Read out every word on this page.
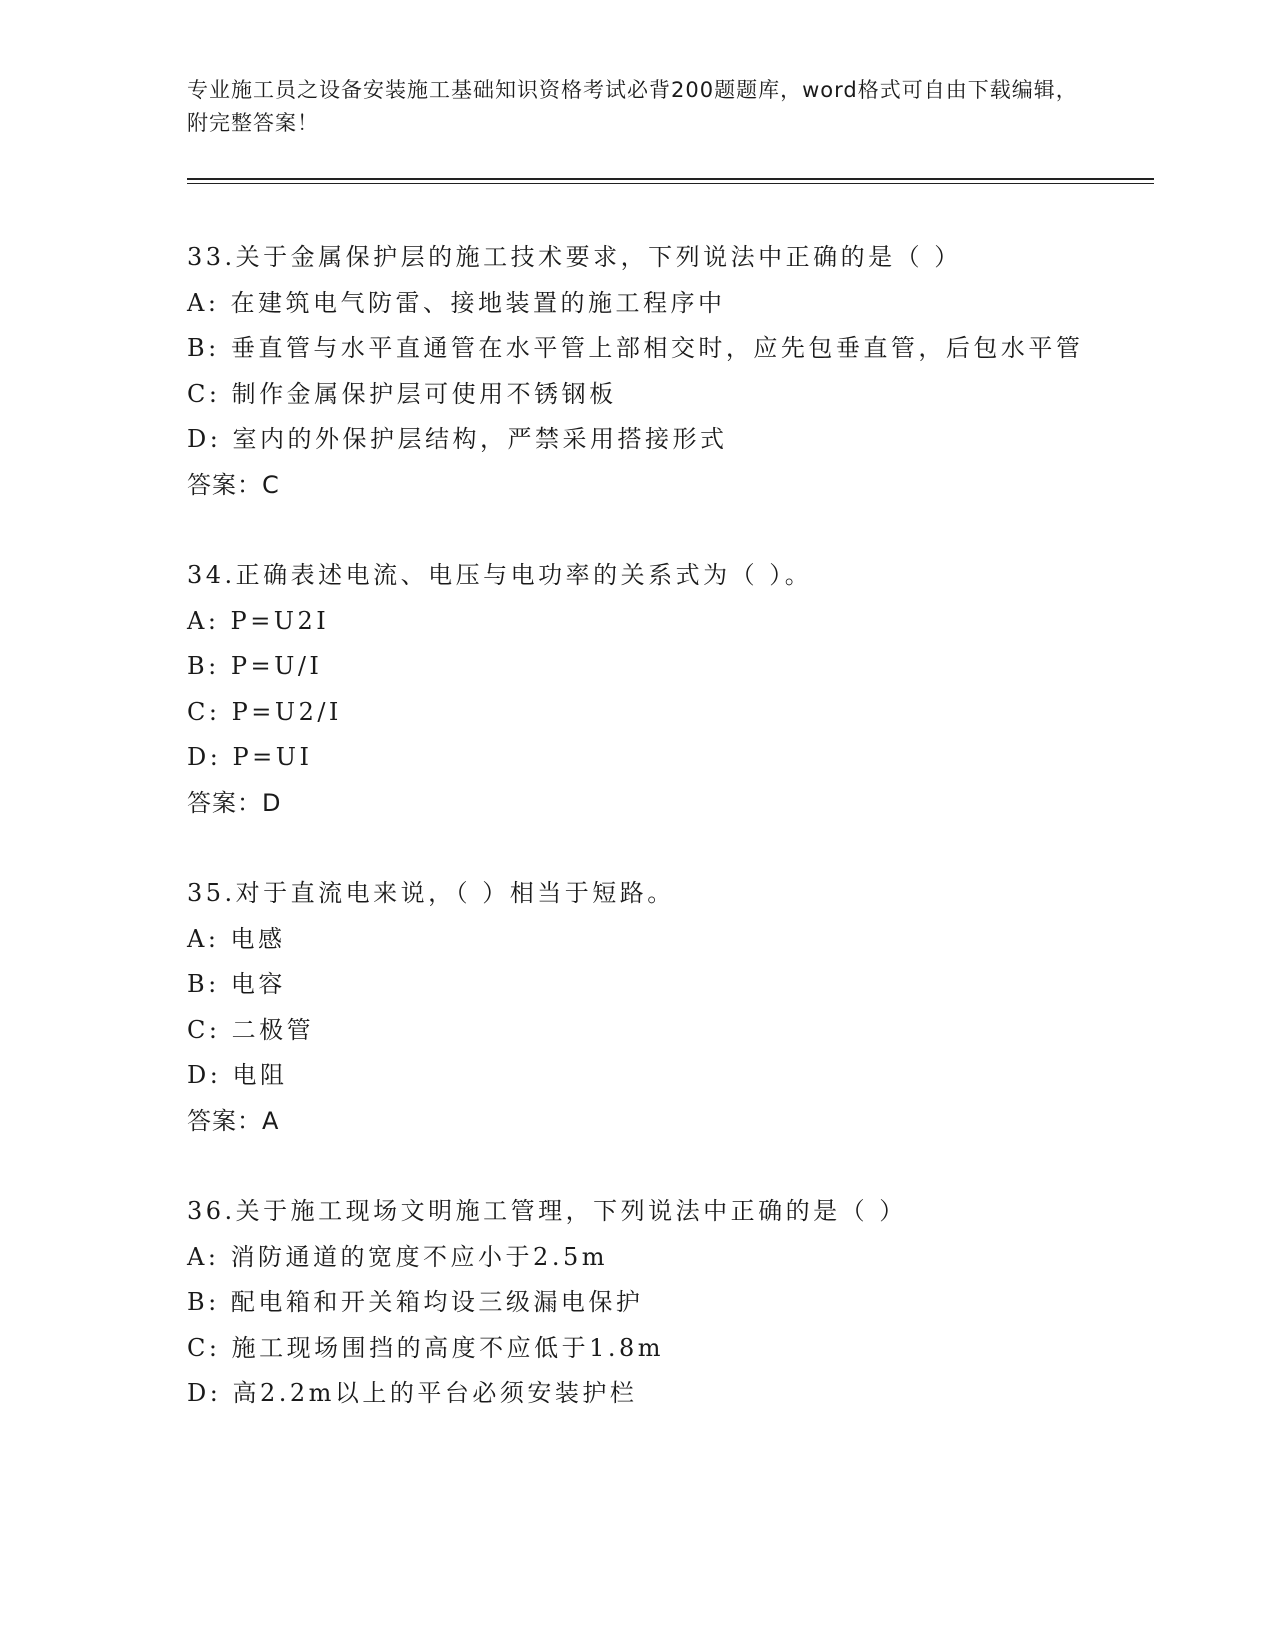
专业施工员之设备安装施工基础知识资格考试必背200题题库，word格式可自由下载编辑，附完整答案！

33.关于金属保护层的施工技术要求，下列说法中正确的是（ ）

A: 在建筑电气防雷、接地装置的施工程序中

B: 垂直管与水平直通管在水平管上部相交时，应先包垂直管，后包水平管

C: 制作金属保护层可使用不锈钢板

D: 室内的外保护层结构，严禁采用搭接形式

答案：C

34.正确表述电流、电压与电功率的关系式为（ ）。

A: P=U2I

B: P=U/I

C: P=U2/I

D: P=UI

答案：D

35.对于直流电来说，（ ）相当于短路。

A: 电感

B: 电容

C: 二极管

D: 电阻

答案：A

36.关于施工现场文明施工管理，下列说法中正确的是（ ）

A: 消防通道的宽度不应小于2.5m

B: 配电箱和开关箱均设三级漏电保护

C: 施工现场围挡的高度不应低于1.8m

D: 高2.2m以上的平台必须安装护栏
